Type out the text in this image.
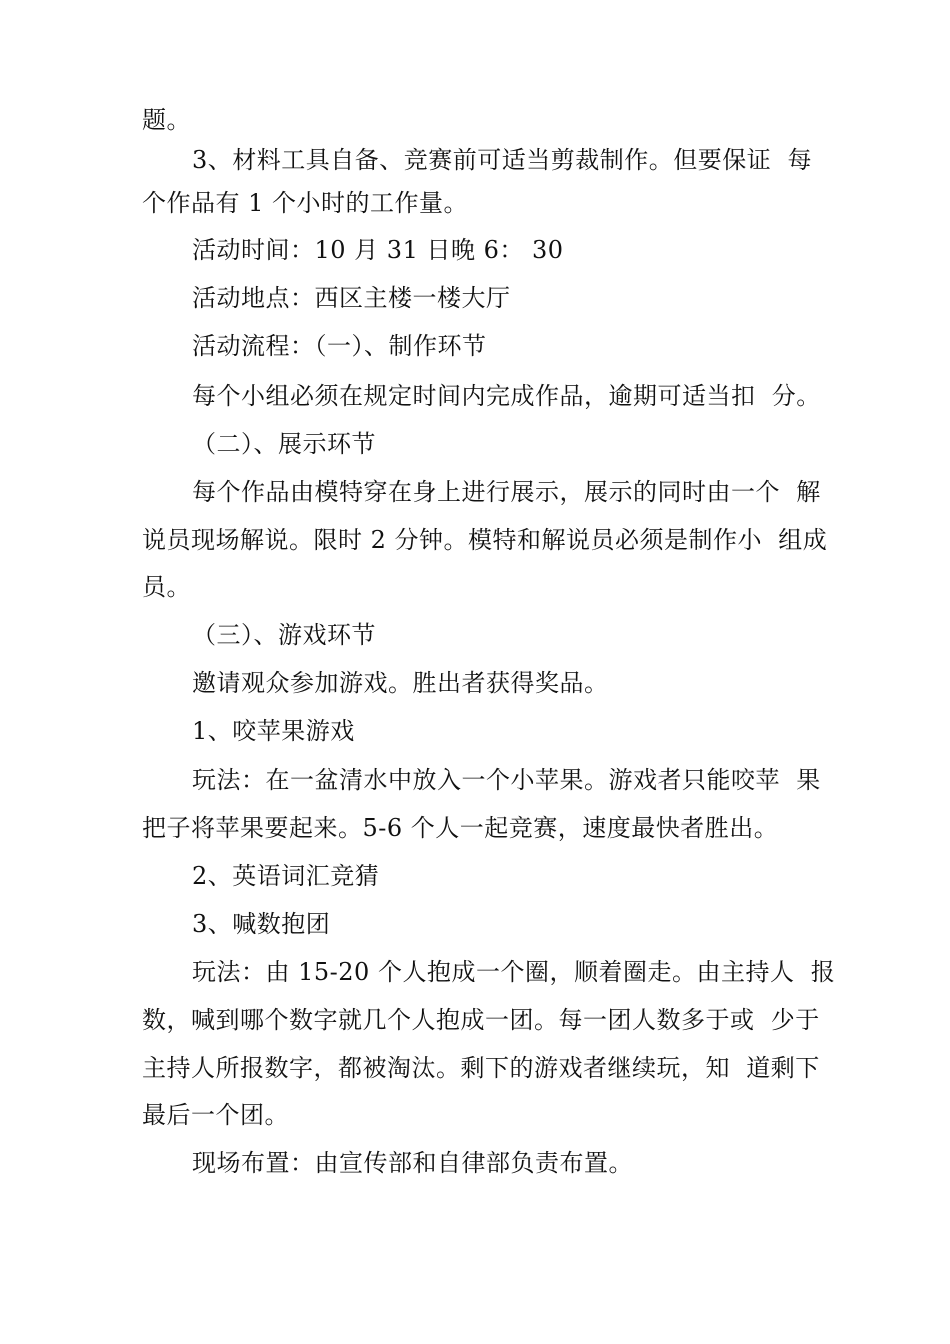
题。
3、材料工具自备、竞赛前可适当剪裁制作。但要保证  每
个作品有 1 个小时的工作量。
活动时间：10 月 31 日晚 6： 30
活动地点：西区主楼一楼大厅
活动流程：（一）、制作环节
每个小组必须在规定时间内完成作品，逾期可适当扣  分。
（二）、展示环节
每个作品由模特穿在身上进行展示，展示的同时由一个  解
说员现场解说。限时 2 分钟。模特和解说员必须是制作小  组成
员。
（三）、游戏环节
邀请观众参加游戏。胜出者获得奖品。
1、咬苹果游戏
玩法：在一盆清水中放入一个小苹果。游戏者只能咬苹  果
把子将苹果要起来。5-6 个人一起竞赛，速度最快者胜出。
2、英语词汇竞猜
3、喊数抱团
玩法：由 15-20 个人抱成一个圈，顺着圈走。由主持人  报
数，喊到哪个数字就几个人抱成一团。每一团人数多于或  少于
主持人所报数字，都被淘汰。剩下的游戏者继续玩，知  道剩下
最后一个团。
现场布置：由宣传部和自律部负责布置。
